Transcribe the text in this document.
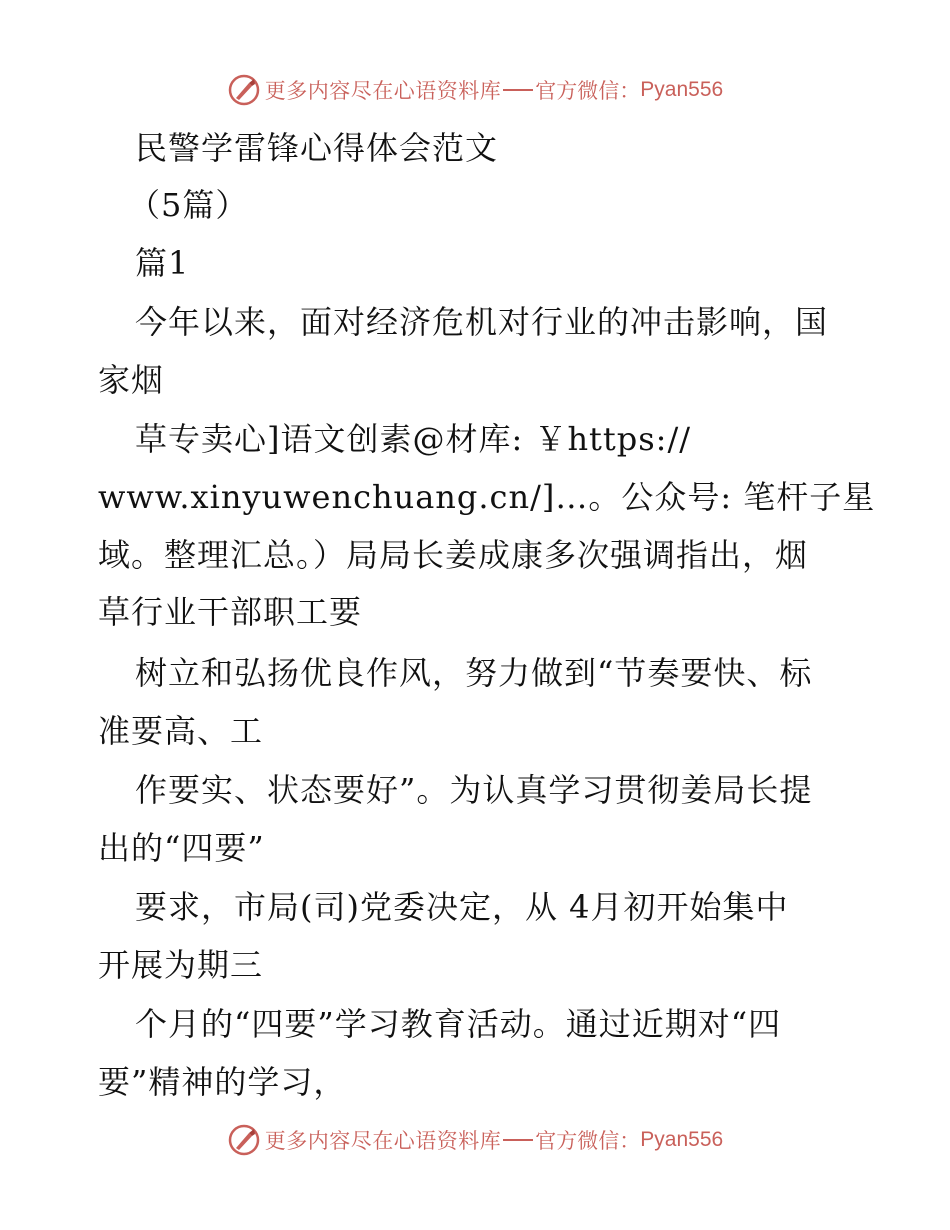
更多内容尽在心语资料库 官方微信： Pyan556
民警学雷锋心得体会范文
（5篇）
篇1
今年以来，面对经济危机对行业的冲击影响，国
家烟
草专卖心]语文创素@材库: ￥https://
www.xinyuwenchuang.cn/]…。公众号: 笔杆子星
域。整理汇总。）局局长姜成康多次强调指出，烟
草行业干部职工要
树立和弘扬优良作风，努力做到“节奏要快、标
准要高、工
作要实、状态要好”。为认真学习贯彻姜局长提
出的“四要”
要求，市局(司)党委决定，从 4月初开始集中
开展为期三
个月的“四要”学习教育活动。通过近期对“四
要”精神的学习，
更多内容尽在心语资料库 官方微信： Pyan556
